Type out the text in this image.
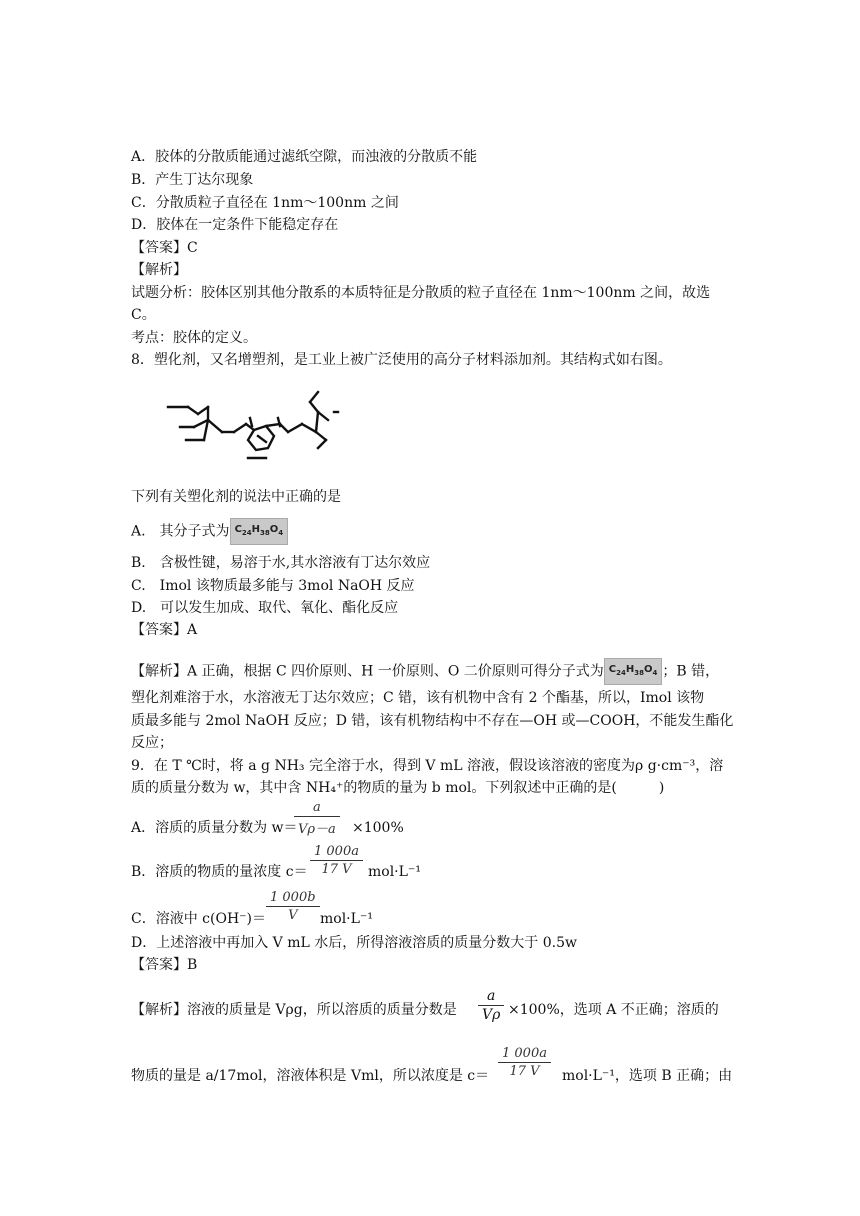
A．胶体的分散质能通过滤纸空隙，而浊液的分散质不能
B．产生丁达尔现象
C．分散质粒子直径在 1nm～100nm 之间
D．胶体在一定条件下能稳定存在
【答案】C
【解析】
试题分析：胶体区别其他分散系的本质特征是分散质的粒子直径在 1nm～100nm 之间，故选
C。
考点：胶体的定义。
8．塑化剂，又名增塑剂，是工业上被广泛使用的高分子材料添加剂。其结构式如右图。
下列有关塑化剂的说法中正确的是
A.　其分子式为 $C_{24}H_{38}O_4$
B.　含极性键，易溶于水,其水溶液有丁达尔效应
C.　Imol 该物质最多能与 3mol NaOH 反应
D.　可以发生加成、取代、氧化、酯化反应
【答案】A
【解析】A 正确，根据 C 四价原则、H 一价原则、O 二价原则可得分子式为 $C_{24}H_{38}O_4$ ；B 错，
塑化剂难溶于水，水溶液无丁达尔效应；C 错，该有机物中含有 2 个酯基，所以，Imol 该物
质最多能与 2mol NaOH 反应；D 错，该有机物结构中不存在—OH 或—COOH，不能发生酯化
反应；
9．在 T ℃时，将 a g NH₃ 完全溶于水，得到 V mL 溶液，假设该溶液的密度为ρ g·cm⁻³，溶
质的质量分数为 w，其中含 NH₄⁺的物质的量为 b mol。下列叙述中正确的是(　　　)
A．溶质的质量分数为 w＝
a
Vρ－a ×100%
B．溶质的物质的量浓度 c＝
1 000a
17 V	mol·L⁻¹
C．溶液中 c(OH⁻)＝
1 000b
V	mol·L⁻¹
D．上述溶液中再加入 V mL 水后，所得溶液溶质的质量分数大于 0.5w
【答案】B
【解析】溶液的质量是 Vρg，所以溶质的质量分数是
a
Vρ ×100%，选项 A 不正确；溶质的
物质的量是 a/17mol，溶液体积是 Vml，所以浓度是 c＝
1 000a
17 V	mol·L⁻¹，选项 B 正确；由
